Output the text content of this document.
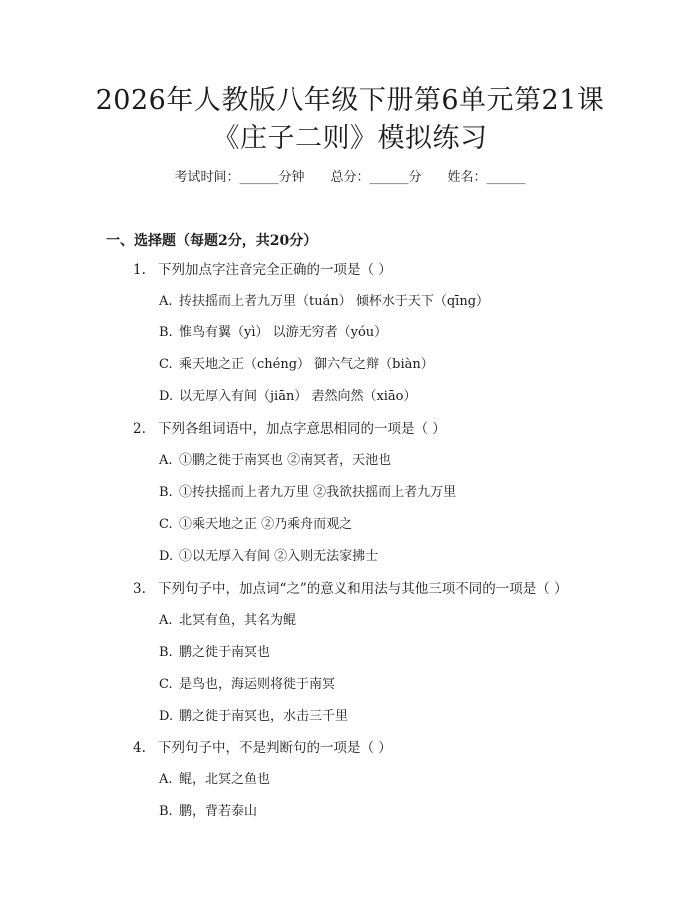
2026年人教版八年级下册第6单元第21课
《庄子二则》模拟练习
考试时间：______分钟 总分：______分 姓名：______
一、选择题（每题2分，共20分）
1. 下列加点字注音完全正确的一项是（ ）
A. 抟扶摇而上者九万里（tuán） 倾杯水于天下（qīng）
B. 惟鸟有翼（yì） 以游无穷者（yóu）
C. 乘天地之正（chéng） 御六气之辩（biàn）
D. 以无厚入有间（jiān） 砉然向然（xiāo）
2. 下列各组词语中，加点字意思相同的一项是（ ）
A. ①鹏之徙于南冥也 ②南冥者，天池也
B. ①抟扶摇而上者九万里 ②我欲扶摇而上者九万里
C. ①乘天地之正 ②乃乘舟而观之
D. ①以无厚入有间 ②入则无法家拂士
3. 下列句子中，加点词“之”的意义和用法与其他三项不同的一项是（ ）
A. 北冥有鱼，其名为鲲
B. 鹏之徙于南冥也
C. 是鸟也，海运则将徙于南冥
D. 鹏之徙于南冥也，水击三千里
4. 下列句子中，不是判断句的一项是（ ）
A. 鲲，北冥之鱼也
B. 鹏，背若泰山
